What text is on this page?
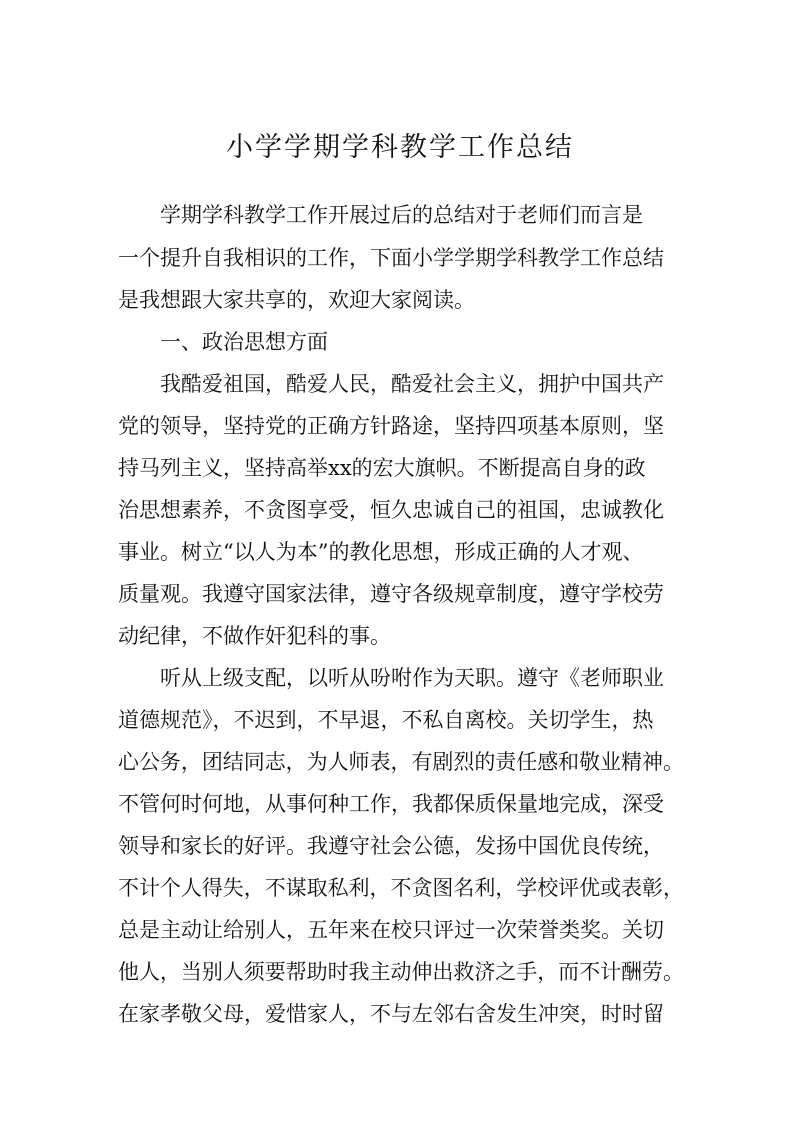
小学学期学科教学工作总结

学期学科教学工作开展过后的总结对于老师们而言是

一个提升自我相识的工作，下面小学学期学科教学工作总结

是我想跟大家共享的，欢迎大家阅读。

一、政治思想方面

我酷爱祖国，酷爱人民，酷爱社会主义，拥护中国共产

党的领导，坚持党的正确方针路途，坚持四项基本原则，坚

持马列主义，坚持高举xx的宏大旗帜。不断提高自身的政

治思想素养，不贪图享受，恒久忠诚自己的祖国，忠诚教化

事业。树立“以人为本”的教化思想，形成正确的人才观、

质量观。我遵守国家法律，遵守各级规章制度，遵守学校劳

动纪律，不做作奸犯科的事。

听从上级支配，以听从吩咐作为天职。遵守《老师职业

道德规范》，不迟到，不早退，不私自离校。关切学生，热

心公务，团结同志，为人师表，有剧烈的责任感和敬业精神。

不管何时何地，从事何种工作，我都保质保量地完成，深受

领导和家长的好评。我遵守社会公德，发扬中国优良传统，

不计个人得失，不谋取私利，不贪图名利，学校评优或表彰，

总是主动让给别人，五年来在校只评过一次荣誉类奖。关切

他人，当别人须要帮助时我主动伸出救济之手，而不计酬劳。

在家孝敬父母，爱惜家人，不与左邻右舍发生冲突，时时留
